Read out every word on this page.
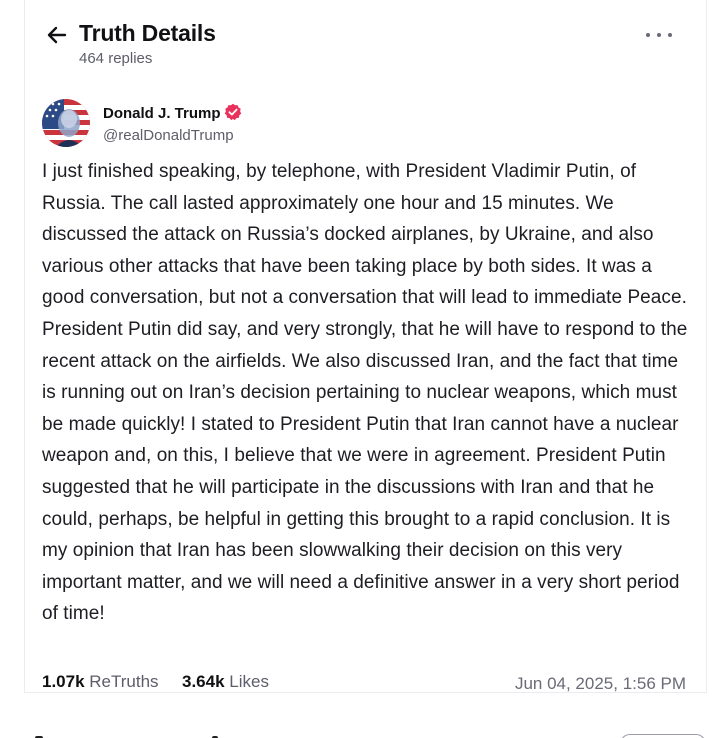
Truth Details
464 replies
Donald J. Trump
@realDonaldTrump
I just finished speaking, by telephone, with President Vladimir Putin, of Russia. The call lasted approximately one hour and 15 minutes. We discussed the attack on Russia’s docked airplanes, by Ukraine, and also various other attacks that have been taking place by both sides. It was a good conversation, but not a conversation that will lead to immediate Peace. President Putin did say, and very strongly, that he will have to respond to the recent attack on the airfields. We also discussed Iran, and the fact that time is running out on Iran’s decision pertaining to nuclear weapons, which must be made quickly! I stated to President Putin that Iran cannot have a nuclear weapon and, on this, I believe that we were in agreement. President Putin suggested that he will participate in the discussions with Iran and that he could, perhaps, be helpful in getting this brought to a rapid conclusion. It is my opinion that Iran has been slowwalking their decision on this very important matter, and we will need a definitive answer in a very short period of time!
1.07k ReTruths 3.64k Likes	Jun 04, 2025, 1:56 PM
